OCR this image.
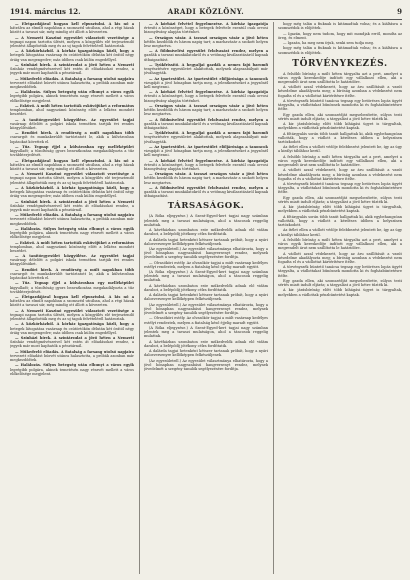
1914. március 12.	ARADI KÖZLÖNY.	9

— Életgazdájával hogyan kell elpusztulni. A kis nő a hátrálva az elmúlt napokban a szomszéd utcában, ahol a régi házak között a tavaszi sár, még mindig ott állott a kövezeten.

— A Nemzeti Kaszinó egyesület választott vezetősége a tegnapi napon tartotta ülését, melyen a közgyűlés elé terjesztendő jelentést állapították meg és az uj tagok felvételéről határoztak.

— A közkórházból. A kórház igazgatósága közli, hogy a betegek látogatása vasárnap és csütörtökön délután két órától négy óráig van megengedve; más időben csak külön engedéllyel.

— Színházi hírek. A színtársulat a jövő héten a Nemzeti Színház vendégművészeivel két estén át előadásokat rendez, a jegyek már most kaphatók a pénztárnál.

— Műkedvelő előadás. A fiatalság a farsang utolsó napjaira tervezett előadást húsvét utánra halasztotta, a próbák azonban már megkezdődtek.

— Halálozás. Súlyos betegség után elhunyt a város egyik legrégibb polgára, akinek temetésén nagy részvét mellett a város előkelősége megjelent.

— Esküvő. A múlt héten tartották esküvőjüket a református templomban, ahol nagyszámú közönség előtt a lelkész mondott beszédet.

— A tanítóegyesület közgyűlése. Az egyesület tagjai vasárnap délelőtt a polgári iskola termében tartják évi rendes közgyűlésüket.

— Rendőri hírek. A rendőrség a múlt napokban több csavargót és munkakerülőt tartóztatott le, akik a külvárosban lopásokat követtek el.

— Tűz. Tegnap éjjel a külvárosban egy melléképület kigyulladt; a tűzoltóság gyors beavatkozása megakadályozta a tűz továbbterjedését.

— Életgazdájával hogyan kell elpusztulni. A kis nő a hátrálva az elmúlt napokban a szomszéd utcában, ahol a régi házak között a tavaszi sár, még mindig ott állott a kövezeten.

— A Nemzeti Kaszinó egyesület választott vezetősége a tegnapi napon tartotta ülését, melyen a közgyűlés elé terjesztendő jelentést állapították meg és az uj tagok felvételéről határoztak.

— A közkórházból. A kórház igazgatósága közli, hogy a betegek látogatása vasárnap és csütörtökön délután két órától négy óráig van megengedve; más időben csak külön engedéllyel.

— Színházi hírek. A színtársulat a jövő héten a Nemzeti Színház vendégművészeivel két estén át előadásokat rendez, a jegyek már most kaphatók a pénztárnál.

— Műkedvelő előadás. A fiatalság a farsang utolsó napjaira tervezett előadást húsvét utánra halasztotta, a próbák azonban már megkezdődtek.

— Halálozás. Súlyos betegség után elhunyt a város egyik legrégibb polgára, akinek temetésén nagy részvét mellett a város előkelősége megjelent.

— Esküvő. A múlt héten tartották esküvőjüket a református templomban, ahol nagyszámú közönség előtt a lelkész mondott beszédet.

— A tanítóegyesület közgyűlése. Az egyesület tagjai vasárnap délelőtt a polgári iskola termében tartják évi rendes közgyűlésüket.

— Rendőri hírek. A rendőrség a múlt napokban több csavargót és munkakerülőt tartóztatott le, akik a külvárosban lopásokat követtek el.

— Tűz. Tegnap éjjel a külvárosban egy melléképület kigyulladt; a tűzoltóság gyors beavatkozása megakadályozta a tűz továbbterjedését.

— Életgazdájával hogyan kell elpusztulni. A kis nő a hátrálva az elmúlt napokban a szomszéd utcában, ahol a régi házak között a tavaszi sár, még mindig ott állott a kövezeten.

— A Nemzeti Kaszinó egyesület választott vezetősége a tegnapi napon tartotta ülését, melyen a közgyűlés elé terjesztendő jelentést állapították meg és az uj tagok felvételéről határoztak.

— A közkórházból. A kórház igazgatósága közli, hogy a betegek látogatása vasárnap és csütörtökön délután két órától négy óráig van megengedve; más időben csak külön engedéllyel.

— Színházi hírek. A színtársulat a jövő héten a Nemzeti Színház vendégművészeivel két estén át előadásokat rendez, a jegyek már most kaphatók a pénztárnál.

— Műkedvelő előadás. A fiatalság a farsang utolsó napjaira tervezett előadást húsvét utánra halasztotta, a próbák azonban már megkezdődtek.

— Halálozás. Súlyos betegség után elhunyt a város egyik legrégibb polgára, akinek temetésén nagy részvét mellett a város előkelősége megjelent.

— A kórházi felvétel fegyelmezése. A kórház igazgatója értesíti a közönséget, hogy a betegek felvétele ezentúl csak orvosi bizonyítvány alapján történhet.

— Országos vásár. A tavaszi országos vásár a jövő héten hétfőn kezdődik és három napig tart; a marhavásár a szokott helyen lesz megtartva.

— A földmívelési egyesület felolvasást rendez, melyen a gazdák a tavaszi munkálatokról és a vetőmag kiválasztásáról kapnak útbaigazítást.

— Tyúkfrissítő. A hegyaljai gazdák a nemes fajú baromfi tenyésztésére egyesületet alakítottak, melynek alapszabályait már jóváhagyták.

— Az ipartestület. Az ipartestület elöljárósága a tanoncok vizsgáját a jövő hónapban tartja meg, a jelentkezéseket a jegyzőnél kell megtenni.

— A kórházi felvétel fegyelmezése. A kórház igazgatója értesíti a közönséget, hogy a betegek felvétele ezentúl csak orvosi bizonyítvány alapján történhet.

— Országos vásár. A tavaszi országos vásár a jövő héten hétfőn kezdődik és három napig tart; a marhavásár a szokott helyen lesz megtartva.

— A földmívelési egyesület felolvasást rendez, melyen a gazdák a tavaszi munkálatokról és a vetőmag kiválasztásáról kapnak útbaigazítást.

— Tyúkfrissítő. A hegyaljai gazdák a nemes fajú baromfi tenyésztésére egyesületet alakítottak, melynek alapszabályait már jóváhagyták.

— Az ipartestület. Az ipartestület elöljárósága a tanoncok vizsgáját a jövő hónapban tartja meg, a jelentkezéseket a jegyzőnél kell megtenni.

— A kórházi felvétel fegyelmezése. A kórház igazgatója értesíti a közönséget, hogy a betegek felvétele ezentúl csak orvosi bizonyítvány alapján történhet.

— Országos vásár. A tavaszi országos vásár a jövő héten hétfőn kezdődik és három napig tart; a marhavásár a szokott helyen lesz megtartva.

— A földmívelési egyesület felolvasást rendez, melyen a gazdák a tavaszi munkálatokról és a vetőmag kiválasztásáról kapnak útbaigazítást.

TÁRSASÁGOK.

(A Róka eljegyzése.) A Szent-Egyed-kert tagjai nagy számban jelentek meg a tavaszi mulatságon, ahol a táncosok reggelig mulattak.

A kávéházban szombaton este műkedvelők adnak elő vidám darabot, a belépődíj jótékony célra fordíttatik.

A dalárda tagjai hetenként kétszer tartanak próbát, hogy a nyári dalosversenyre kellőképpen felkészüljenek.

(Az egyesületről.) Az egyesület választmánya elhatározta, hogy a jövő hónapban nagyszabású hangversenyt rendez, melynek jövedelmét a szegény tanulók segélyezésére fordítja.

— Olvasóköri estély. Az olvasókör tagjai a múlt vasárnap kedélyes estélyt rendeztek, melyen a fiatalság késő éjjelig maradt együtt.

(A Róka eljegyzése.) A Szent-Egyed-kert tagjai nagy számban jelentek meg a tavaszi mulatságon, ahol a táncosok reggelig mulattak.

A kávéházban szombaton este műkedvelők adnak elő vidám darabot, a belépődíj jótékony célra fordíttatik.

A dalárda tagjai hetenként kétszer tartanak próbát, hogy a nyári dalosversenyre kellőképpen felkészüljenek.

(Az egyesületről.) Az egyesület választmánya elhatározta, hogy a jövő hónapban nagyszabású hangversenyt rendez, melynek jövedelmét a szegény tanulók segélyezésére fordítja.

— Olvasóköri estély. Az olvasókör tagjai a múlt vasárnap kedélyes estélyt rendeztek, melyen a fiatalság késő éjjelig maradt együtt.

(A Róka eljegyzése.) A Szent-Egyed-kert tagjai nagy számban jelentek meg a tavaszi mulatságon, ahol a táncosok reggelig mulattak.

A kávéházban szombaton este műkedvelők adnak elő vidám darabot, a belépődíj jótékony célra fordíttatik.

A dalárda tagjai hetenként kétszer tartanak próbát, hogy a nyári dalosversenyre kellőképpen felkészüljenek.

(Az egyesületről.) Az egyesület választmánya elhatározta, hogy a jövő hónapban nagyszabású hangversenyt rendez, melynek jövedelmét a szegény tanulók segélyezésére fordítja.

hogy még talán a fiuknak is kitámadtak volna; és a kiáltásra a szomszédok is előjöttek.

— Igazán, hogy nem tudom, hogy mit mondjak erről, mondta az öreg, és elment.

— Igazán, ha meg nem írjuk, senki sem tudja meg.

hogy még talán a fiuknak is kitámadtak volna; és a kiáltásra a szomszédok is előjöttek.

TÖRVÉNYKEZÉS.

A felsőbb bíróság a múlt héten tárgyalta azt a pert, amelyet a város egyik kereskedője indított egy vállalkozó ellen, aki a megrendelt árut nem szállította le határidőre.

A vádlott azzal védekezett, hogy az áru szállítását a vasút késedelme akadályozta meg; a bíróság azonban a védekezést nem fogadta el és a vádlottat kártérítésre ítélte.

A törvényszék büntető tanácsa tegnap egy betöréses lopás ügyét tárgyalta, a vádlottakat bűnösnek mondotta ki és fogházbüntetésre ítélte.

Egy gazda ellen, aki szomszédját megsebesítette, súlyos testi sértés miatt indult eljárás; a tárgyalást a jövő hétre tűzték ki.

A kir. járásbíróság előtt több kihágási ügyet is tárgyaltak, melyekben a vádlottak pénzbüntetést kaptak.

A főtárgyalás során több tanút hallgattak ki, akik egybehangzóan vallották, hogy a vádlott a kérdéses időben a helyszínen tartózkodott.

Az ítélet ellen a vádlott védője felebbezést jelentett be, így az ügy a királyi táblához kerül.

A felsőbb bíróság a múlt héten tárgyalta azt a pert, amelyet a város egyik kereskedője indított egy vállalkozó ellen, aki a megrendelt árut nem szállította le határidőre.

A vádlott azzal védekezett, hogy az áru szállítását a vasút késedelme akadályozta meg; a bíróság azonban a védekezést nem fogadta el és a vádlottat kártérítésre ítélte.

A törvényszék büntető tanácsa tegnap egy betöréses lopás ügyét tárgyalta, a vádlottakat bűnösnek mondotta ki és fogházbüntetésre ítélte.

Egy gazda ellen, aki szomszédját megsebesítette, súlyos testi sértés miatt indult eljárás; a tárgyalást a jövő hétre tűzték ki.

A kir. járásbíróság előtt több kihágási ügyet is tárgyaltak, melyekben a vádlottak pénzbüntetést kaptak.

A főtárgyalás során több tanút hallgattak ki, akik egybehangzóan vallották, hogy a vádlott a kérdéses időben a helyszínen tartózkodott.

Az ítélet ellen a vádlott védője felebbezést jelentett be, így az ügy a királyi táblához kerül.

A felsőbb bíróság a múlt héten tárgyalta azt a pert, amelyet a város egyik kereskedője indított egy vállalkozó ellen, aki a megrendelt árut nem szállította le határidőre.

A vádlott azzal védekezett, hogy az áru szállítását a vasút késedelme akadályozta meg; a bíróság azonban a védekezést nem fogadta el és a vádlottat kártérítésre ítélte.

A törvényszék büntető tanácsa tegnap egy betöréses lopás ügyét tárgyalta, a vádlottakat bűnösnek mondotta ki és fogházbüntetésre ítélte.

Egy gazda ellen, aki szomszédját megsebesítette, súlyos testi sértés miatt indult eljárás; a tárgyalást a jövő hétre tűzték ki.

A kir. járásbíróság előtt több kihágási ügyet is tárgyaltak, melyekben a vádlottak pénzbüntetést kaptak.
